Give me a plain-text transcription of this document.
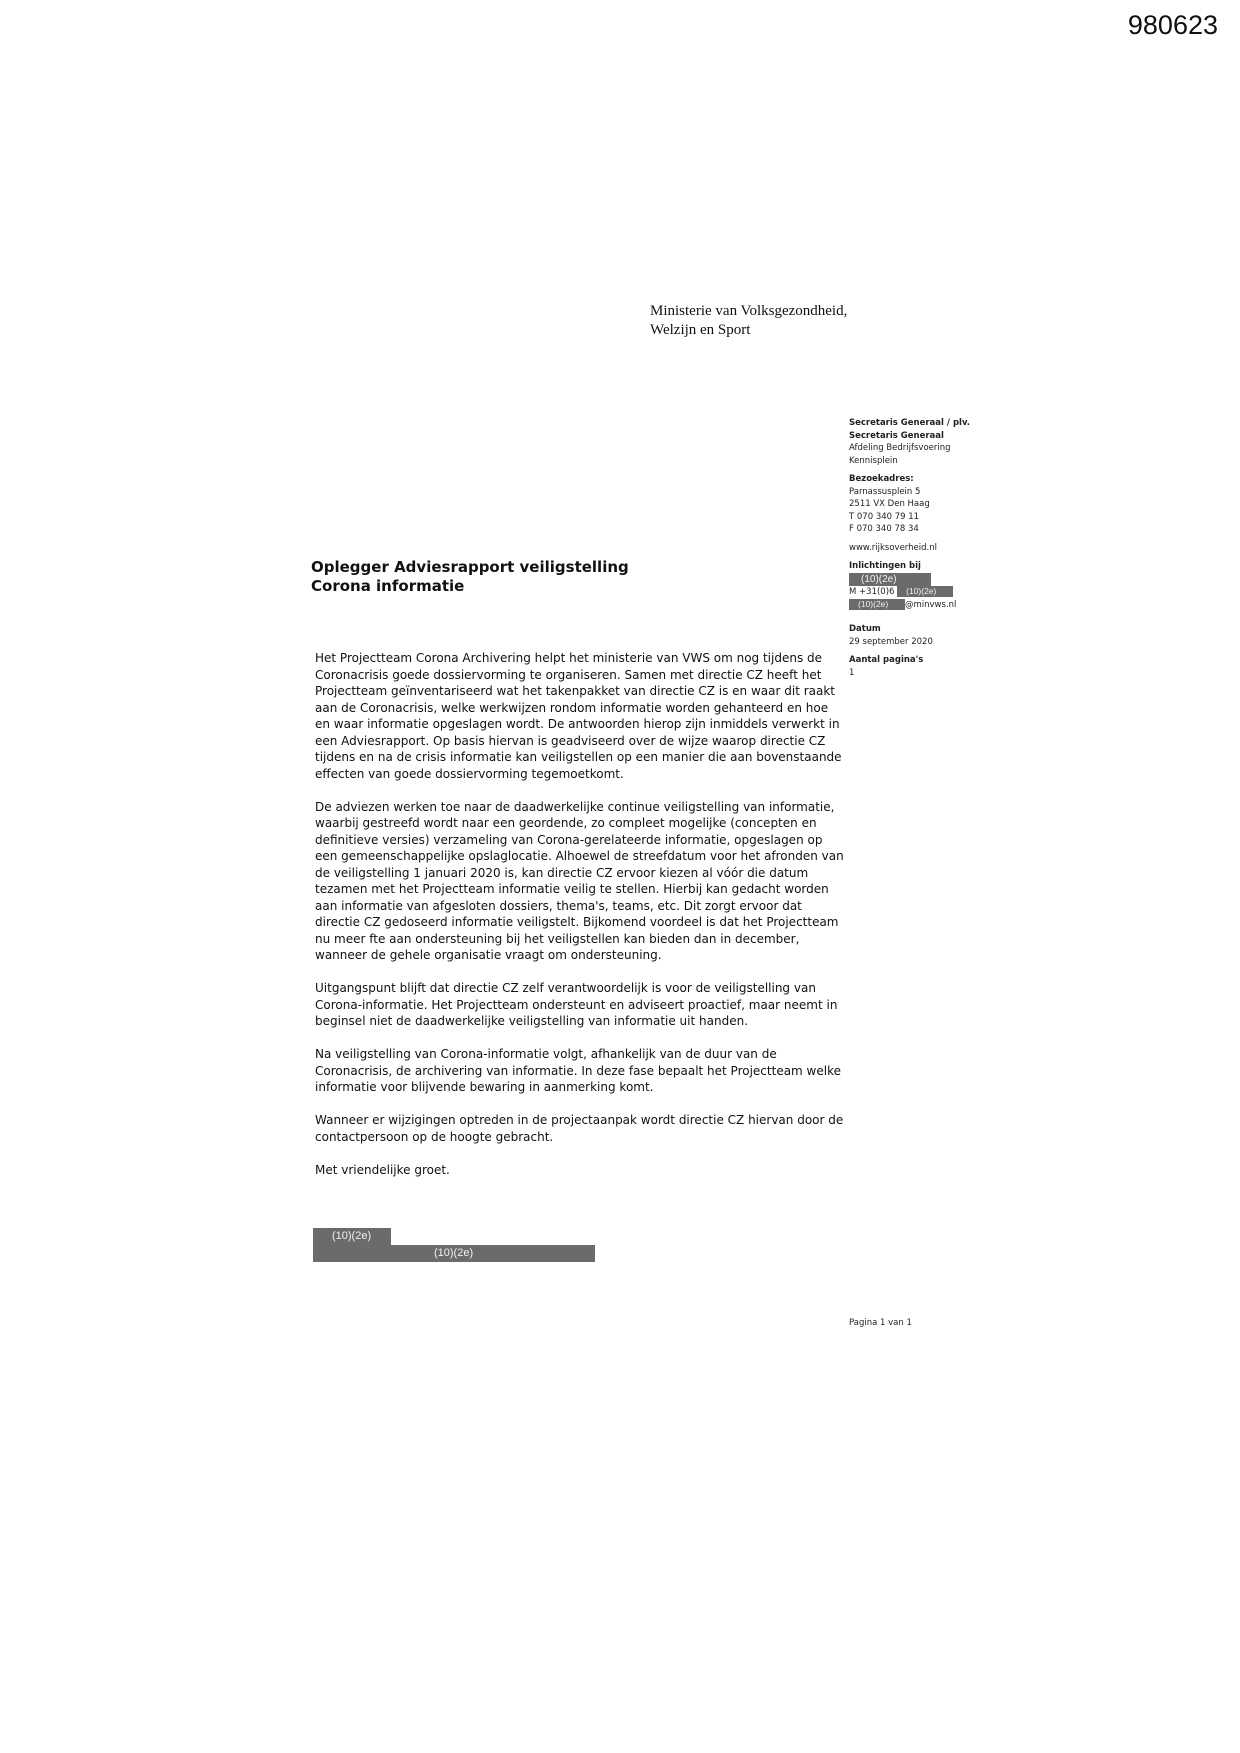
980623
Ministerie van Volksgezondheid,
Welzijn en Sport
Secretaris Generaal / plv.
Secretaris Generaal
Afdeling Bedrijfsvoering
Kennisplein
Bezoekadres:
Parnassusplein 5
2511 VX Den Haag
T 070 340 79 11
F 070 340 78 34
www.rijksoverheid.nl
Inlichtingen bij
(10)(2e)
M +31(0)6 (10)(2e)
(10)(2e) @minvws.nl
Datum
29 september 2020
Aantal pagina's
1
Oplegger Adviesrapport veiligstelling
Corona informatie

Het Projectteam Corona Archivering helpt het ministerie van VWS om nog tijdens de Coronacrisis goede dossiervorming te organiseren. Samen met directie CZ heeft het Projectteam geïnventariseerd wat het takenpakket van directie CZ is en waar dit raakt aan de Coronacrisis, welke werkwijzen rondom informatie worden gehanteerd en hoe en waar informatie opgeslagen wordt. De antwoorden hierop zijn inmiddels verwerkt in een Adviesrapport. Op basis hiervan is geadviseerd over de wijze waarop directie CZ tijdens en na de crisis informatie kan veiligstellen op een manier die aan bovenstaande effecten van goede dossiervorming tegemoetkomt.

De adviezen werken toe naar de daadwerkelijke continue veiligstelling van informatie, waarbij gestreefd wordt naar een geordende, zo compleet mogelijke (concepten en definitieve versies) verzameling van Corona-gerelateerde informatie, opgeslagen op een gemeenschappelijke opslaglocatie. Alhoewel de streefdatum voor het afronden van de veiligstelling 1 januari 2020 is, kan directie CZ ervoor kiezen al vóór die datum tezamen met het Projectteam informatie veilig te stellen. Hierbij kan gedacht worden aan informatie van afgesloten dossiers, thema's, teams, etc. Dit zorgt ervoor dat directie CZ gedoseerd informatie veiligstelt. Bijkomend voordeel is dat het Projectteam nu meer fte aan ondersteuning bij het veiligstellen kan bieden dan in december, wanneer de gehele organisatie vraagt om ondersteuning.

Uitgangspunt blijft dat directie CZ zelf verantwoordelijk is voor de veiligstelling van Corona-informatie. Het Projectteam ondersteunt en adviseert proactief, maar neemt in beginsel niet de daadwerkelijke veiligstelling van informatie uit handen.

Na veiligstelling van Corona-informatie volgt, afhankelijk van de duur van de Coronacrisis, de archivering van informatie. In deze fase bepaalt het Projectteam welke informatie voor blijvende bewaring in aanmerking komt.

Wanneer er wijzigingen optreden in de projectaanpak wordt directie CZ hiervan door de contactpersoon op de hoogte gebracht.

Met vriendelijke groet.

(10)(2e)
(10)(2e)
Pagina 1 van 1
